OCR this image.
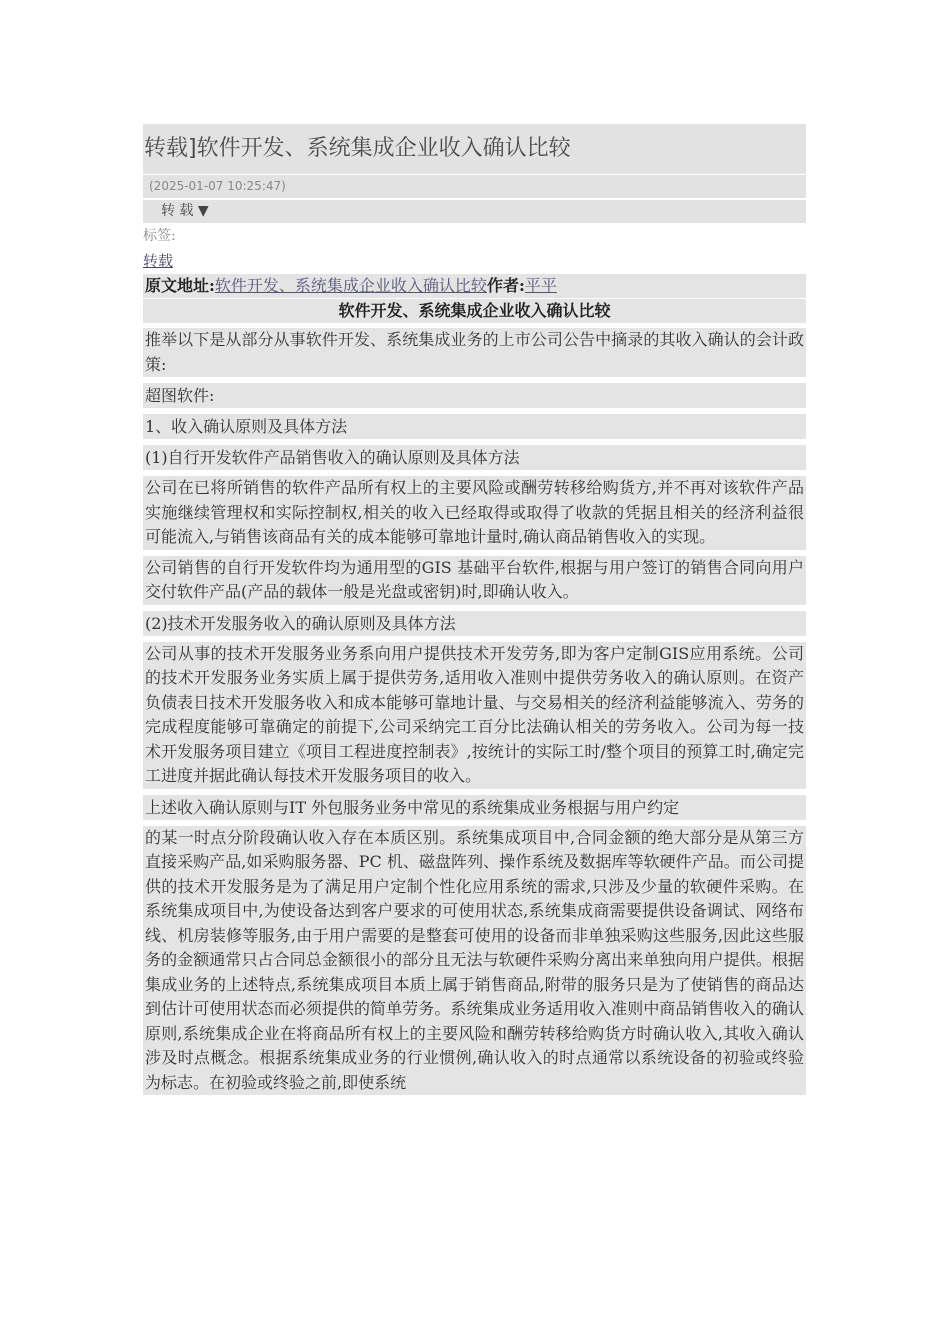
转载]软件开发、系统集成企业收入确认比较
(2025-01-07 10:25:47)
转 载 ▼
标签:
转载
原文地址:软件开发、系统集成企业收入确认比较作者:平平
软件开发、系统集成企业收入确认比较
推举以下是从部分从事软件开发、系统集成业务的上市公司公告中摘录的其收入确认的会计政策:
超图软件:
1、收入确认原则及具体方法
(1)自行开发软件产品销售收入的确认原则及具体方法
公司在已将所销售的软件产品所有权上的主要风险或酬劳转移给购货方,并不再对该软件产品实施继续管理权和实际控制权,相关的收入已经取得或取得了收款的凭据且相关的经济利益很可能流入,与销售该商品有关的成本能够可靠地计量时,确认商品销售收入的实现。
公司销售的自行开发软件均为通用型的GIS 基础平台软件,根据与用户签订的销售合同向用户交付软件产品(产品的载体一般是光盘或密钥)时,即确认收入。
(2)技术开发服务收入的确认原则及具体方法
公司从事的技术开发服务业务系向用户提供技术开发劳务,即为客户定制GIS应用系统。公司的技术开发服务业务实质上属于提供劳务,适用收入准则中提供劳务收入的确认原则。在资产负债表日技术开发服务收入和成本能够可靠地计量、与交易相关的经济利益能够流入、劳务的完成程度能够可靠确定的前提下,公司采纳完工百分比法确认相关的劳务收入。公司为每一技术开发服务项目建立《项目工程进度控制表》,按统计的实际工时/整个项目的预算工时,确定完工进度并据此确认每技术开发服务项目的收入。
上述收入确认原则与IT 外包服务业务中常见的系统集成业务根据与用户约定
的某一时点分阶段确认收入存在本质区别。系统集成项目中,合同金额的绝大部分是从第三方直接采购产品,如采购服务器、PC 机、磁盘阵列、操作系统及数据库等软硬件产品。而公司提供的技术开发服务是为了满足用户定制个性化应用系统的需求,只涉及少量的软硬件采购。在系统集成项目中,为使设备达到客户要求的可使用状态,系统集成商需要提供设备调试、网络布线、机房装修等服务,由于用户需要的是整套可使用的设备而非单独采购这些服务,因此这些服务的金额通常只占合同总金额很小的部分且无法与软硬件采购分离出来单独向用户提供。根据集成业务的上述特点,系统集成项目本质上属于销售商品,附带的服务只是为了使销售的商品达到估计可使用状态而必须提供的简单劳务。系统集成业务适用收入准则中商品销售收入的确认原则,系统集成企业在将商品所有权上的主要风险和酬劳转移给购货方时确认收入,其收入确认涉及时点概念。根据系统集成业务的行业惯例,确认收入的时点通常以系统设备的初验或终验为标志。在初验或终验之前,即使系统
